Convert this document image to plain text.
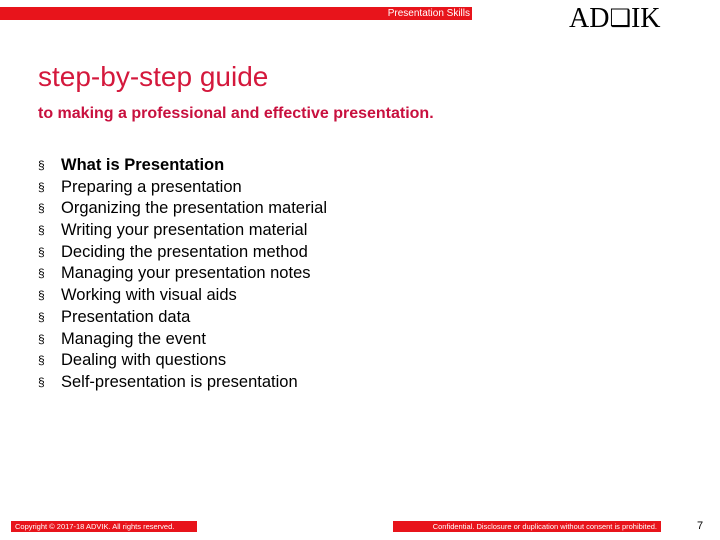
Presentation Skills	AD❑IK
step-by-step guide
to making a professional and effective presentation.
§ What is Presentation
§ Preparing a presentation
§ Organizing the presentation material
§ Writing your presentation material
§ Deciding the presentation method
§ Managing your presentation notes
§ Working with visual aids
§ Presentation data
§ Managing the event
§ Dealing with questions
§ Self-presentation is presentation
Copyright © 2017-18 ADVIK. All rights reserved.	Confidential. Disclosure or duplication without consent is prohibited.	7
